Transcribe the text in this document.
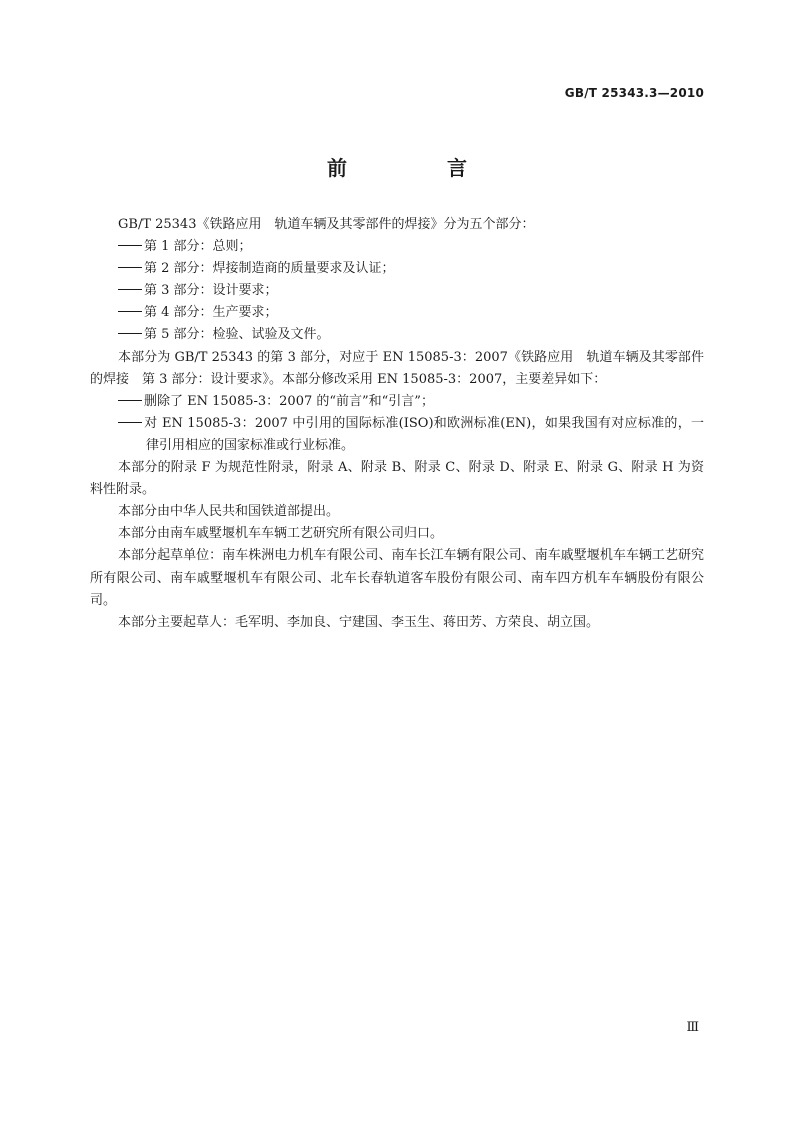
GB/T 25343.3—2010
前　言

GB/T 25343《铁路应用　轨道车辆及其零部件的焊接》分为五个部分：

第 1 部分：总则；

第 2 部分：焊接制造商的质量要求及认证；

第 3 部分：设计要求；

第 4 部分：生产要求；

第 5 部分：检验、试验及文件。

本部分为 GB/T 25343 的第 3 部分，对应于 EN 15085-3：2007《铁路应用　轨道车辆及其零部件的焊接　第 3 部分：设计要求》。本部分修改采用 EN 15085-3：2007，主要差异如下：

删除了 EN 15085-3：2007 的“前言”和“引言”；

对 EN 15085-3：2007 中引用的国际标准(ISO)和欧洲标准(EN)，如果我国有对应标准的，一律引用相应的国家标准或行业标准。

本部分的附录 F 为规范性附录，附录 A、附录 B、附录 C、附录 D、附录 E、附录 G、附录 H 为资料性附录。

本部分由中华人民共和国铁道部提出。

本部分由南车戚墅堰机车车辆工艺研究所有限公司归口。

本部分起草单位：南车株洲电力机车有限公司、南车长江车辆有限公司、南车戚墅堰机车车辆工艺研究所有限公司、南车戚墅堰机车有限公司、北车长春轨道客车股份有限公司、南车四方机车车辆股份有限公司。

本部分主要起草人：毛军明、李加良、宁建国、李玉生、蒋田芳、方荣良、胡立国。

Ⅲ
